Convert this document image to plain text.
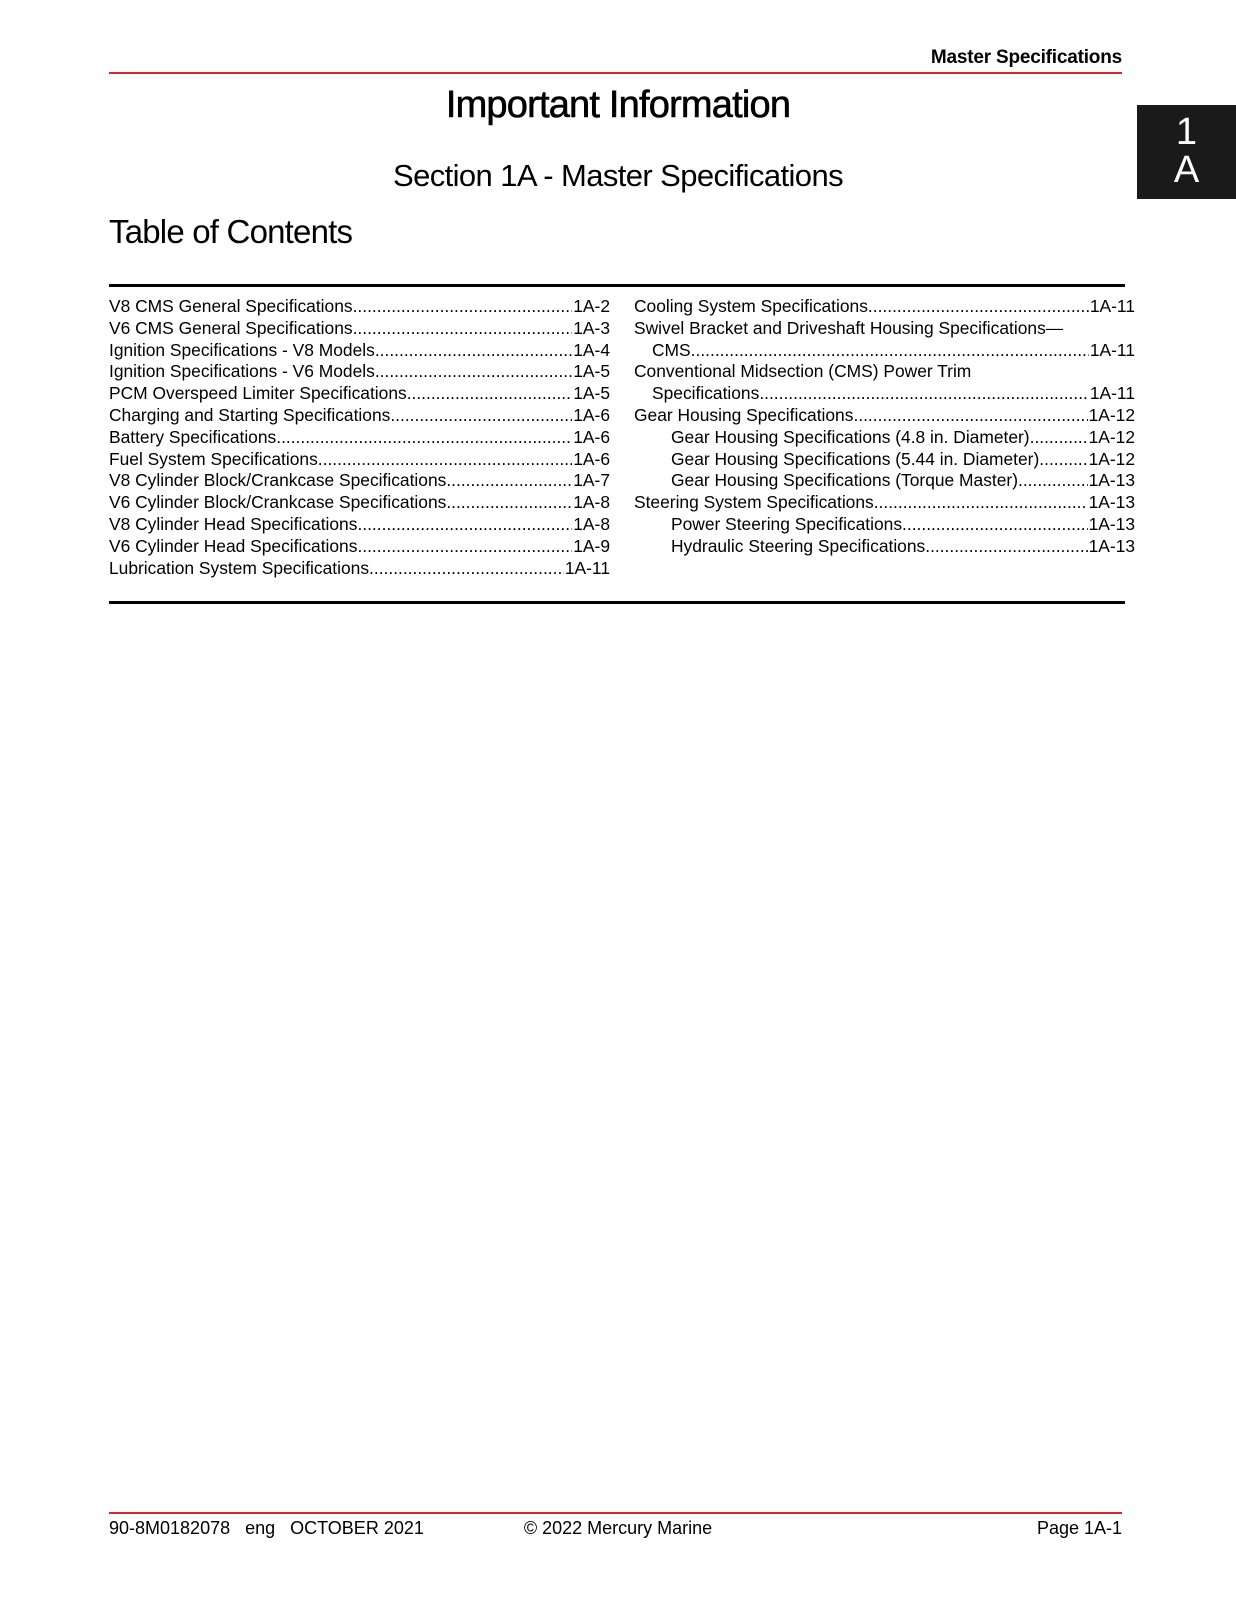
Master Specifications
1
A
Important Information
Section 1A - Master Specifications
Table of Contents
V8 CMS General Specifications .....	1A-2
V6 CMS General Specifications .....	1A-3
Ignition Specifications - V8 Models .....	1A-4
Ignition Specifications - V6 Models .....	1A-5
PCM Overspeed Limiter Specifications .....	1A-5
Charging and Starting Specifications .....	1A-6
Battery Specifications .....	1A-6
Fuel System Specifications .....	1A-6
V8 Cylinder Block/Crankcase Specifications .....	1A-7
V6 Cylinder Block/Crankcase Specifications .....	1A-8
V8 Cylinder Head Specifications .....	1A-8
V6 Cylinder Head Specifications .....	1A-9
Lubrication System Specifications .....	1A-11
Cooling System Specifications .....	1A-11
Swivel Bracket and Driveshaft Housing Specifications—
CMS .....	1A-11
Conventional Midsection (CMS) Power Trim
Specifications .....	1A-11
Gear Housing Specifications .....	1A-12
Gear Housing Specifications (4.8 in. Diameter) .....	1A-12
Gear Housing Specifications (5.44 in. Diameter) .....	1A-12
Gear Housing Specifications (Torque Master) .....	1A-13
Steering System Specifications .....	1A-13
Power Steering Specifications .....	1A-13
Hydraulic Steering Specifications .....	1A-13
90-8M0182078   eng   OCTOBER 2021	© 2022 Mercury Marine	Page 1A-1
